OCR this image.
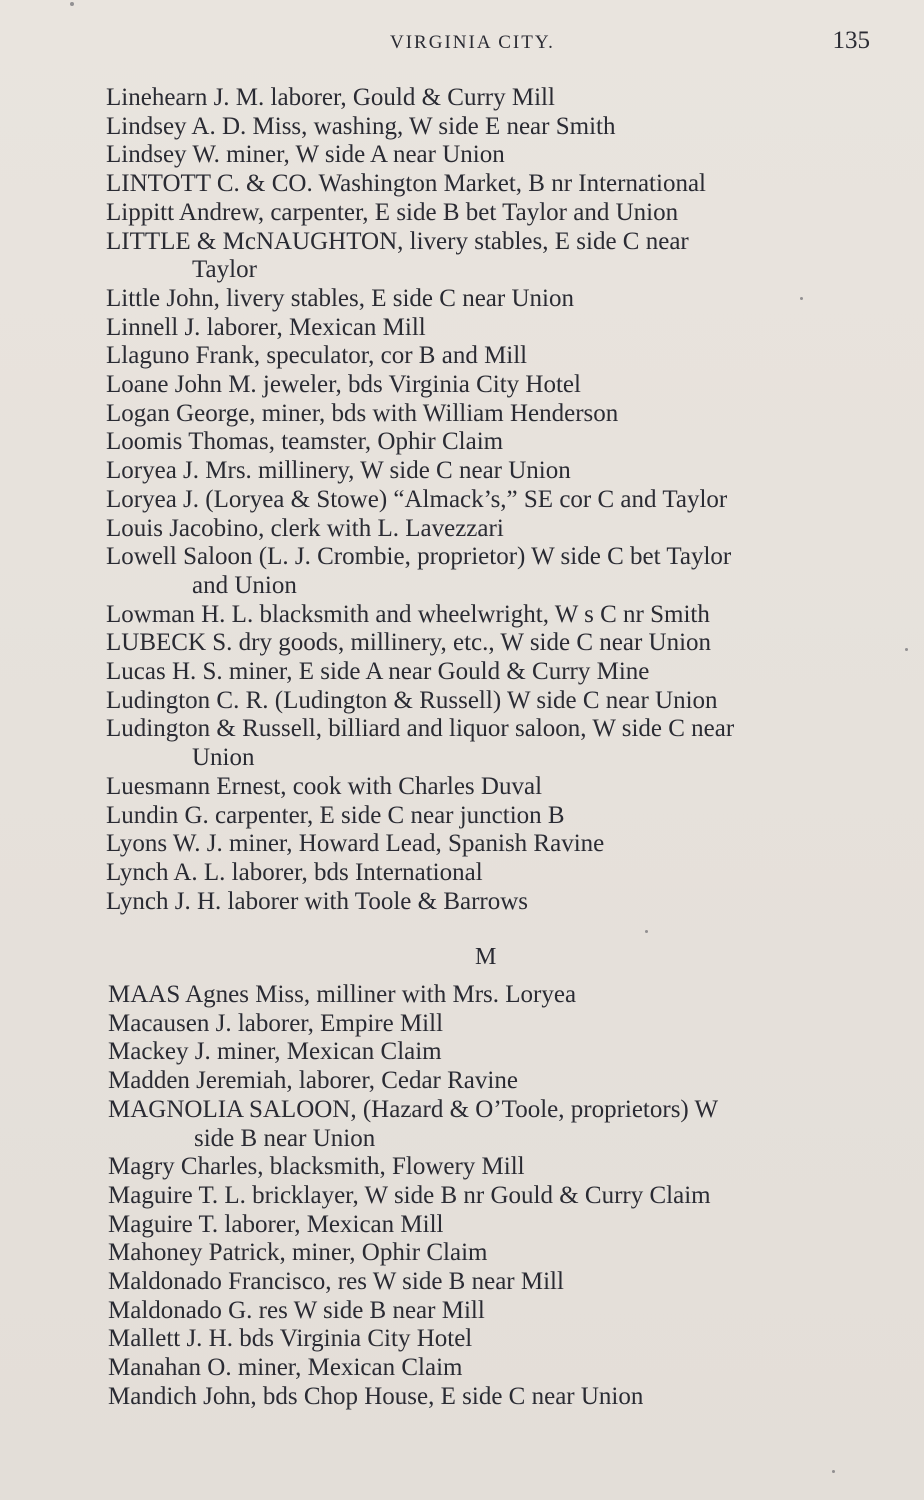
VIRGINIA CITY.	135
Linehearn J. M. laborer, Gould & Curry Mill
Lindsey A. D. Miss, washing, W side E near Smith
Lindsey W. miner, W side A near Union
LINTOTT C. & CO. Washington Market, B nr International
Lippitt Andrew, carpenter, E side B bet Taylor and Union
LITTLE & McNAUGHTON, livery stables, E side C near
Taylor
Little John, livery stables, E side C near Union
Linnell J. laborer, Mexican Mill
Llaguno Frank, speculator, cor B and Mill
Loane John M. jeweler, bds Virginia City Hotel
Logan George, miner, bds with William Henderson
Loomis Thomas, teamster, Ophir Claim
Loryea J. Mrs. millinery, W side C near Union
Loryea J. (Loryea & Stowe) “Almack’s,” SE cor C and Taylor
Louis Jacobino, clerk with L. Lavezzari
Lowell Saloon (L. J. Crombie, proprietor) W side C bet Taylor
and Union
Lowman H. L. blacksmith and wheelwright, W s C nr Smith
LUBECK S. dry goods, millinery, etc., W side C near Union
Lucas H. S. miner, E side A near Gould & Curry Mine
Ludington C. R. (Ludington & Russell) W side C near Union
Ludington & Russell, billiard and liquor saloon, W side C near
Union
Luesmann Ernest, cook with Charles Duval
Lundin G. carpenter, E side C near junction B
Lyons W. J. miner, Howard Lead, Spanish Ravine
Lynch A. L. laborer, bds International
Lynch J. H. laborer with Toole & Barrows
M
MAAS Agnes Miss, milliner with Mrs. Loryea
Macausen J. laborer, Empire Mill
Mackey J. miner, Mexican Claim
Madden Jeremiah, laborer, Cedar Ravine
MAGNOLIA SALOON, (Hazard & O’Toole, proprietors) W
side B near Union
Magry Charles, blacksmith, Flowery Mill
Maguire T. L. bricklayer, W side B nr Gould & Curry Claim
Maguire T. laborer, Mexican Mill
Mahoney Patrick, miner, Ophir Claim
Maldonado Francisco, res W side B near Mill
Maldonado G. res W side B near Mill
Mallett J. H. bds Virginia City Hotel
Manahan O. miner, Mexican Claim
Mandich John, bds Chop House, E side C near Union
